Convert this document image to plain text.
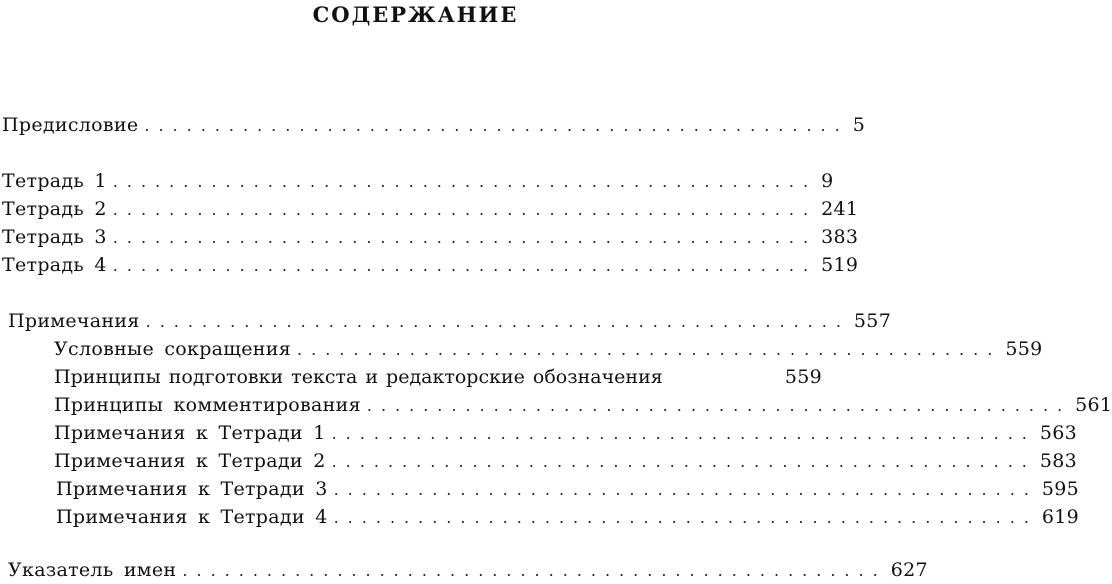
СОДЕРЖАНИЕ
Предисловие .................................................. 5
Тетрадь 1 .................................................. 9
Тетрадь 2 .................................................. 241
Тетрадь 3 .................................................. 383
Тетрадь 4 .................................................. 519
Примечания .................................................. 557
Условные сокращения .................................................. 559
Принципы подготовки текста и редакторские обозначения	559
Принципы комментирования .................................................. 561
Примечания к Тетради 1 .................................................. 563
Примечания к Тетради 2 .................................................. 583
Примечания к Тетради 3 .................................................. 595
Примечания к Тетради 4 .................................................. 619
Указатель имен .................................................. 627
